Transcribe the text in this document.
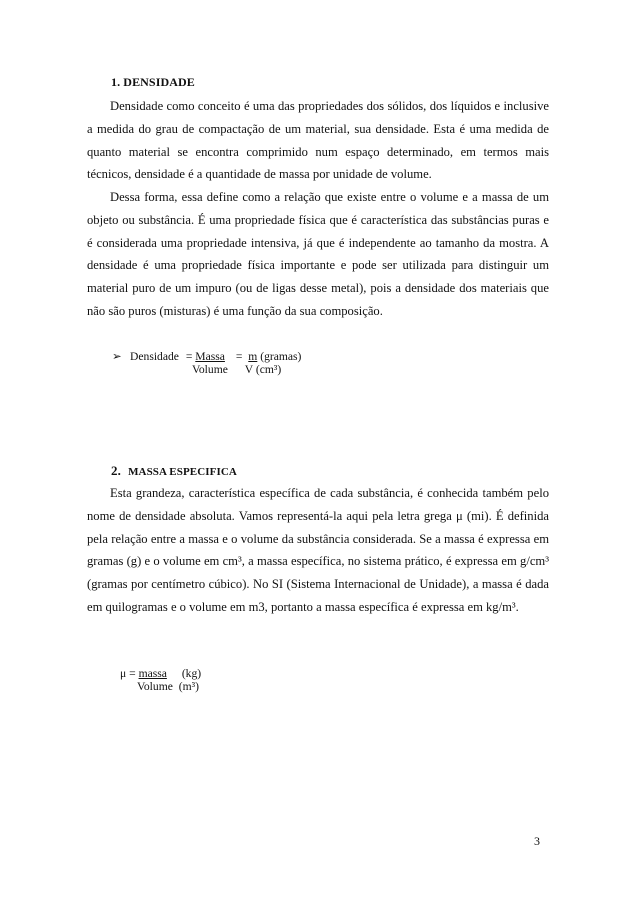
1. DENSIDADE
Densidade como conceito é uma das propriedades dos sólidos, dos líquidos e inclusive a medida do grau de compactação de um material, sua densidade. Esta é uma medida de quanto material se encontra comprimido num espaço determinado, em termos mais técnicos, densidade é a quantidade de massa por unidade de volume.
Dessa forma, essa define como a relação que existe entre o volume e a massa de um objeto ou substância. É uma propriedade física que é característica das substâncias puras e é considerada uma propriedade intensiva, já que é independente ao tamanho da mostra. A densidade é uma propriedade física importante e pode ser utilizada para distinguir um material puro de um impuro (ou de ligas desse metal), pois a densidade dos materiais que não são puros (misturas) é uma função da sua composição.
➢ Densidade = Massa = m (gramas)
Volume V (cm³)
2. MASSA ESPECIFICA
Esta grandeza, característica específica de cada substância, é conhecida também pelo nome de densidade absoluta. Vamos representá-la aqui pela letra grega μ (mi). É definida pela relação entre a massa e o volume da substância considerada. Se a massa é expressa em gramas (g) e o volume em cm³, a massa específica, no sistema prático, é expressa em g/cm³ (gramas por centímetro cúbico). No SI (Sistema Internacional de Unidade), a massa é dada em quilogramas e o volume em m3, portanto a massa específica é expressa em kg/m³.
μ = massa (kg)
Volume (m³)
3
